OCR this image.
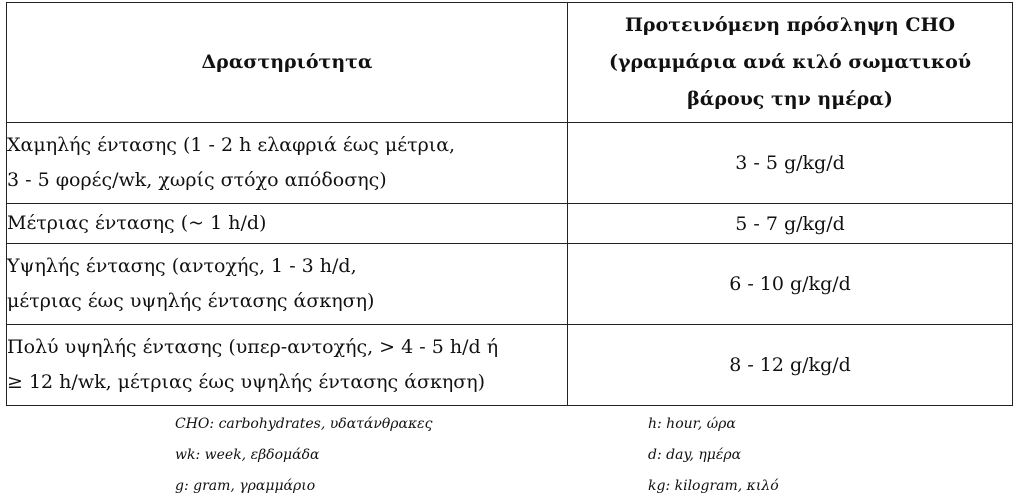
Δραστηριότητα	Προτεινόμενη πρόσληψη CHO
(γραμμάρια ανά κιλό σωματικού
βάρους την ημέρα)

Χαμηλής έντασης (1 - 2 h ελαφριά έως μέτρια,
3 - 5 φορές/wk, χωρίς στόχο απόδοσης)	3 - 5 g/kg/d

Μέτριας έντασης (~ 1 h/d)	5 - 7 g/kg/d

Υψηλής έντασης (αντοχής, 1 - 3 h/d,
μέτριας έως υψηλής έντασης άσκηση)	6 - 10 g/kg/d

Πολύ υψηλής έντασης (υπερ-αντοχής, > 4 - 5 h/d ή
≥ 12 h/wk, μέτριας έως υψηλής έντασης άσκηση)	8 - 12 g/kg/d
CHO: carbohydrates, υδατάνθρακες
wk: week, εβδομάδα
g: gram, γραμμάριο
h: hour, ώρα
d: day, ημέρα
kg: kilogram, κιλό
